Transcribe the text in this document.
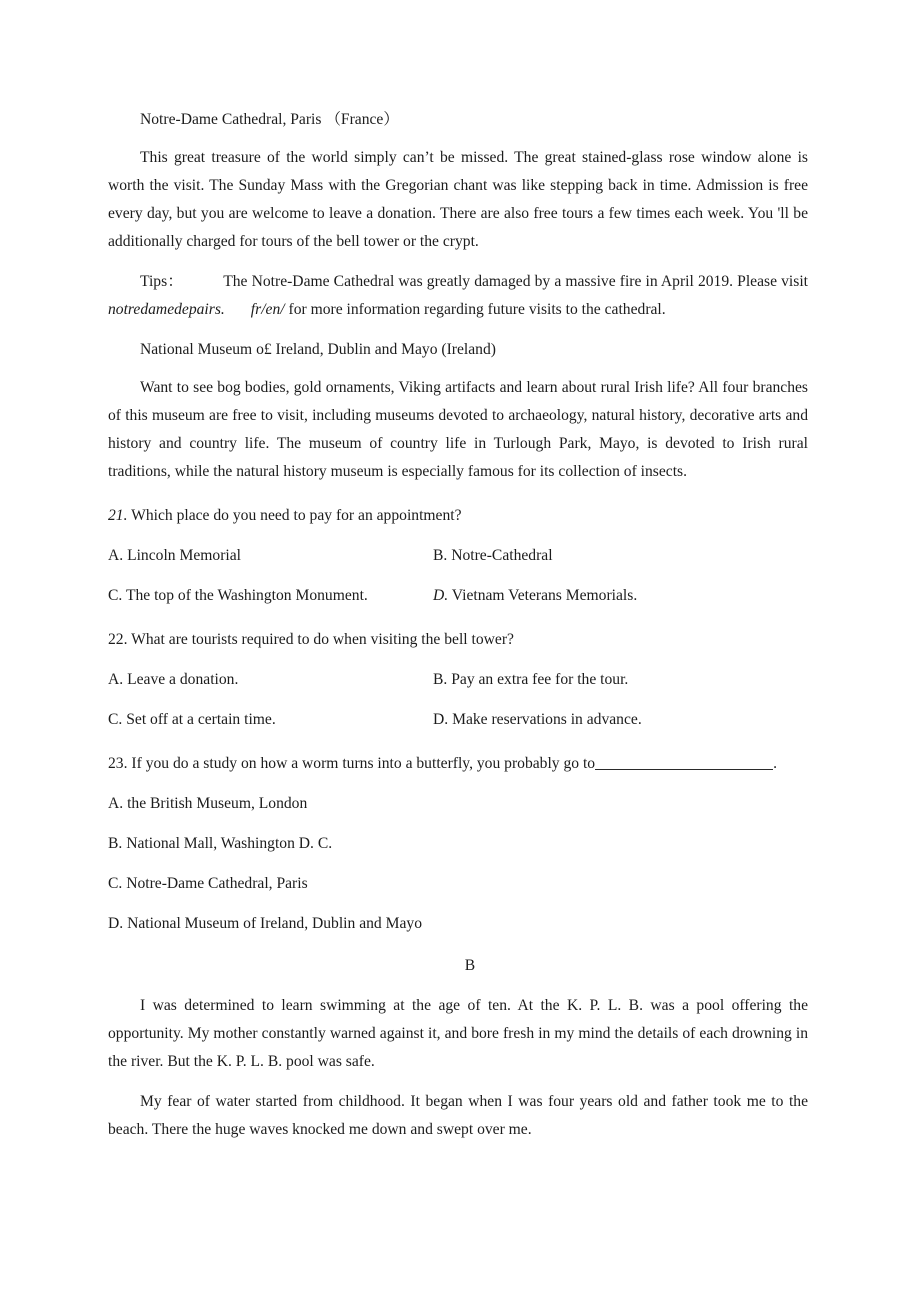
Notre-Dame Cathedral, Paris （France）

This great treasure of the world simply can’t be missed. The great stained-glass rose window alone is worth the visit. The Sunday Mass with the Gregorian chant was like stepping back in time. Admission is free every day, but you are welcome to leave a donation. There are also free tours a few times each week. You 'll be additionally charged for tours of the bell tower or the crypt.

Tips：	The Notre-Dame Cathedral was greatly damaged by a massive fire in April 2019. Please visit notredamedepairs. fr/en/ for more information regarding future visits to the cathedral.

National Museum o£ Ireland, Dublin and Mayo (Ireland)

Want to see bog bodies, gold ornaments, Viking artifacts and learn about rural Irish life? All four branches of this museum are free to visit, including museums devoted to archaeology, natural history, decorative arts and history and country life. The museum of country life in Turlough Park, Mayo, is devoted to Irish rural traditions, while the natural history museum is especially famous for its collection of insects.

21. Which place do you need to pay for an appointment?
A. Lincoln Memorial	B. Notre-Cathedral
C. The top of the Washington Monument.	D. Vietnam Veterans Memorials.
22. What are tourists required to do when visiting the bell tower?
A. Leave a donation.	B. Pay an extra fee for the tour.
C. Set off at a certain time.	D. Make reservations in advance.
23. If you do a study on how a worm turns into a butterfly, you probably go to	.
A. the British Museum, London
B. National Mall, Washington D. C.
C. Notre-Dame Cathedral, Paris
D. National Museum of Ireland, Dublin and Mayo
B

I was determined to learn swimming at the age of ten. At the K. P. L. B. was a pool offering the opportunity. My mother constantly warned against it, and bore fresh in my mind the details of each drowning in the river. But the K. P. L. B. pool was safe.

My fear of water started from childhood. It began when I was four years old and father took me to the beach. There the huge waves knocked me down and swept over me.
